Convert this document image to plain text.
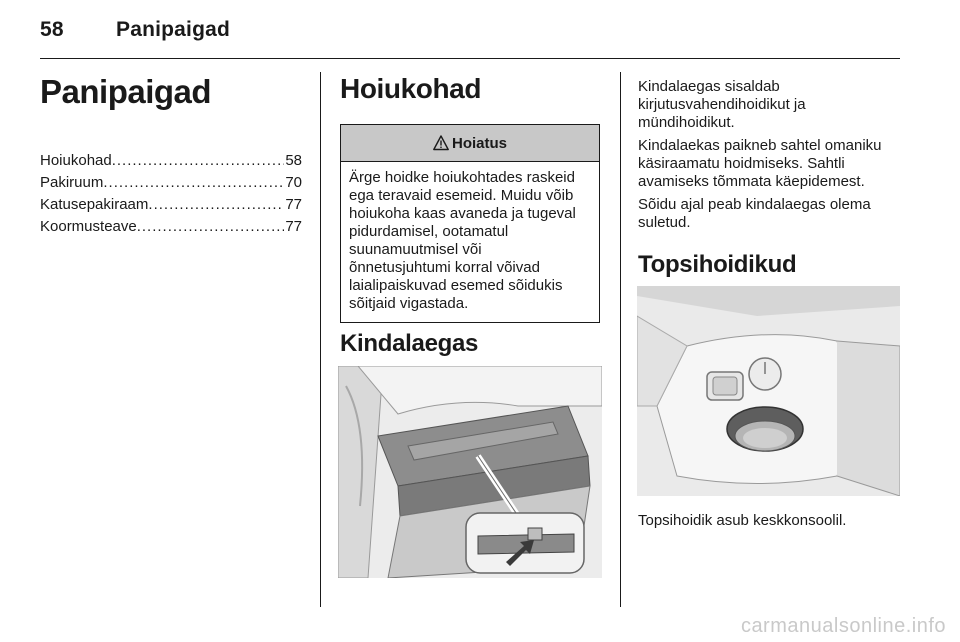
58 Panipaigad
Panipaigad
Hoiukohad .....	58
Pakiruum .....	70
Katusepakiraam .....	77
Koormusteave .....	77
Hoiukohad
Hoiatus
Ärge hoidke hoiukohtades raskeid
ega teravaid esemeid. Muidu võib
hoiukoha kaas avaneda ja tugeval
pidurdamisel, ootamatul
suunamuutmisel või
õnnetusjuhtumi korral võivad
laialipaiskuvad esemed sõidukis
sõitjaid vigastada.
Kindalaegas
Kindalaegas sisaldab
kirjutusvahendihoidikut ja
mündihoidikut.
Kindalaekas paikneb sahtel omaniku
käsiraamatu hoidmiseks. Sahtli
avamiseks tõmmata käepidemest.
Sõidu ajal peab kindalaegas olema
suletud.
Topsihoidikud
Topsihoidik asub keskkonsoolil.
carmanualsonline.info
